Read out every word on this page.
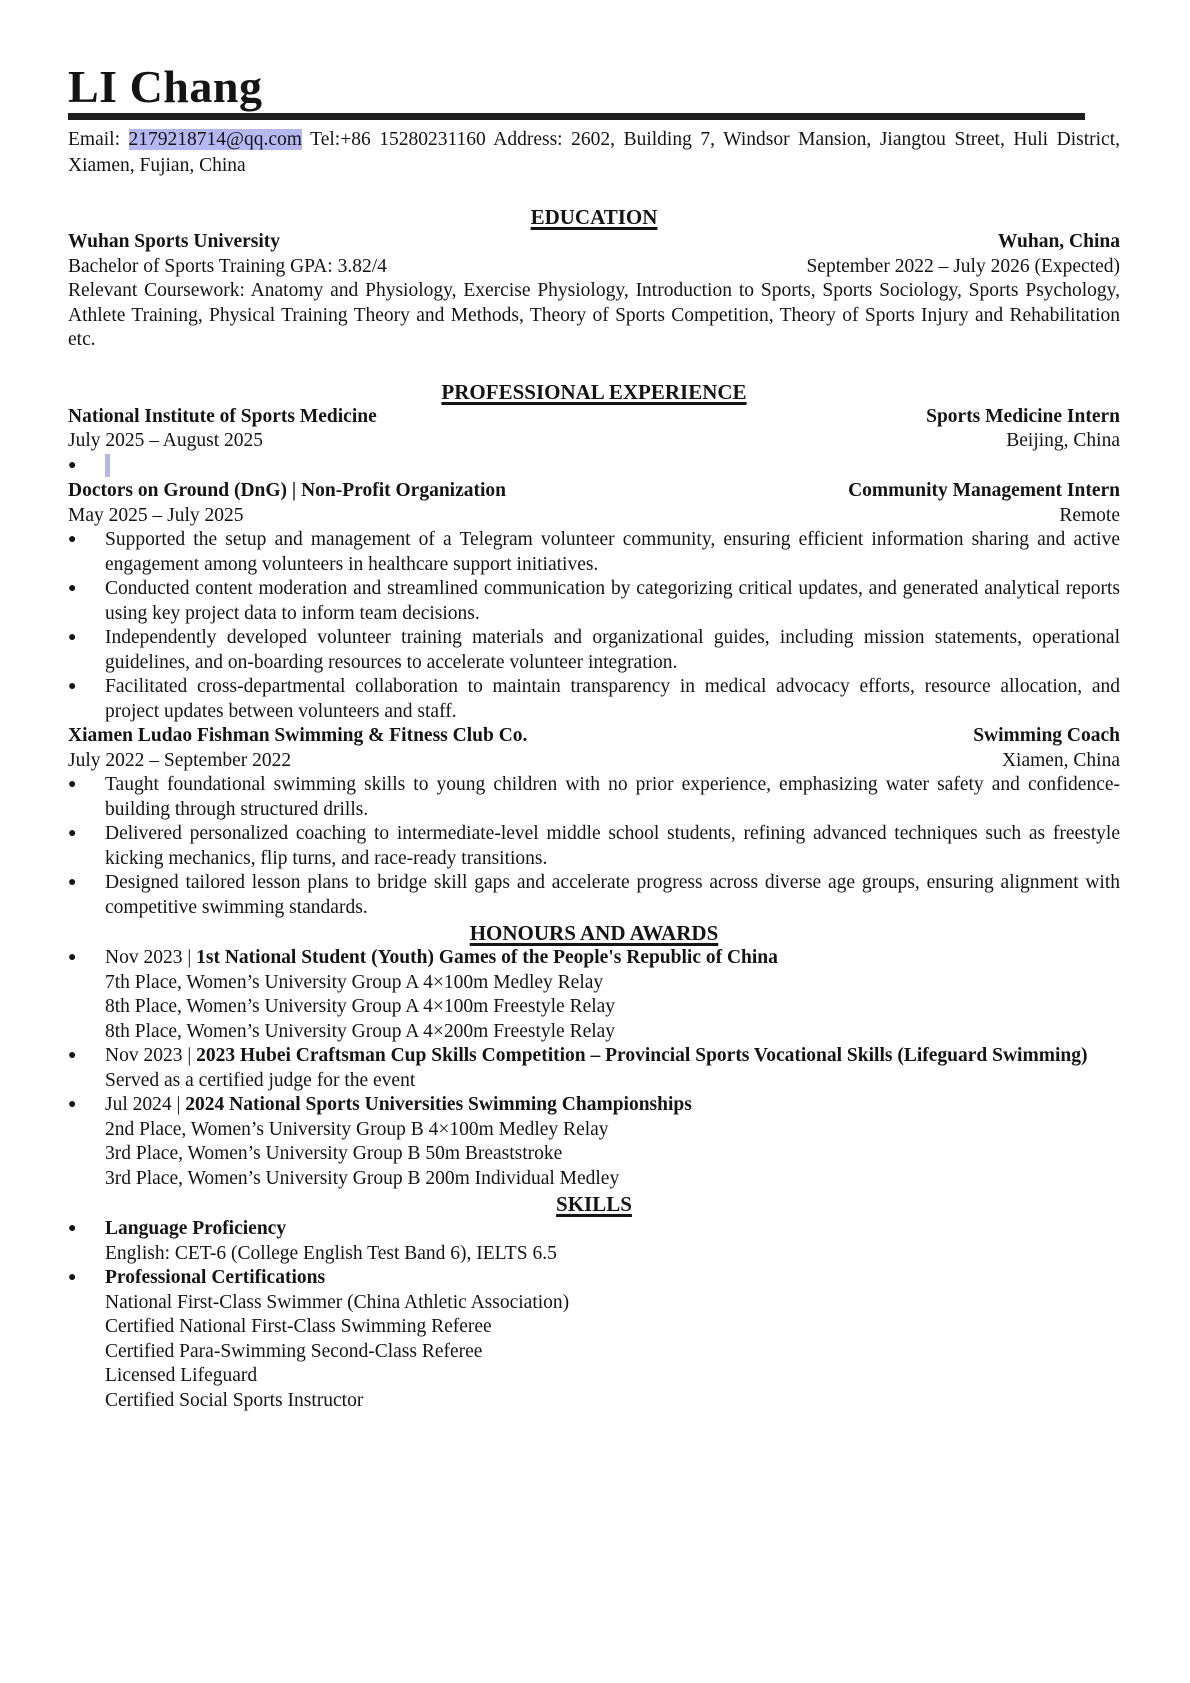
LI Chang

Email: 2179218714@qq.com Tel:+86 15280231160 Address: 2602, Building 7, Windsor Mansion, Jiangtou Street, Huli District, Xiamen, Fujian, China

EDUCATION
Wuhan Sports University	Wuhan, China
Bachelor of Sports Training GPA: 3.82/4	September 2022 – July 2026 (Expected)

Relevant Coursework: Anatomy and Physiology, Exercise Physiology, Introduction to Sports, Sports Sociology, Sports Psychology, Athlete Training, Physical Training Theory and Methods, Theory of Sports Competition, Theory of Sports Injury and Rehabilitation etc.

PROFESSIONAL EXPERIENCE
National Institute of Sports Medicine	Sports Medicine Intern
July 2025 – August 2025	Beijing, China
●
Doctors on Ground (DnG) | Non-Profit Organization	Community Management Intern
May 2025 – July 2025	Remote
●	Supported the setup and management of a Telegram volunteer community, ensuring efficient information sharing and active engagement among volunteers in healthcare support initiatives.
●	Conducted content moderation and streamlined communication by categorizing critical updates, and generated analytical reports using key project data to inform team decisions.
●	Independently developed volunteer training materials and organizational guides, including mission statements, operational guidelines, and on-boarding resources to accelerate volunteer integration.
●	Facilitated cross-departmental collaboration to maintain transparency in medical advocacy efforts, resource allocation, and project updates between volunteers and staff.
Xiamen Ludao Fishman Swimming & Fitness Club Co.	Swimming Coach
July 2022 – September 2022	Xiamen, China
●	Taught foundational swimming skills to young children with no prior experience, emphasizing water safety and confidence-building through structured drills.
●	Delivered personalized coaching to intermediate-level middle school students, refining advanced techniques such as freestyle kicking mechanics, flip turns, and race-ready transitions.
●	Designed tailored lesson plans to bridge skill gaps and accelerate progress across diverse age groups, ensuring alignment with competitive swimming standards.
HONOURS AND AWARDS
●	Nov 2023 | 1st National Student (Youth) Games of the People's Republic of China
7th Place, Women’s University Group A 4×100m Medley Relay
8th Place, Women’s University Group A 4×100m Freestyle Relay
8th Place, Women’s University Group A 4×200m Freestyle Relay
●	Nov 2023 | 2023 Hubei Craftsman Cup Skills Competition – Provincial Sports Vocational Skills (Lifeguard Swimming)
Served as a certified judge for the event
●	Jul 2024 | 2024 National Sports Universities Swimming Championships
2nd Place, Women’s University Group B 4×100m Medley Relay
3rd Place, Women’s University Group B 50m Breaststroke
3rd Place, Women’s University Group B 200m Individual Medley
SKILLS
●	Language Proficiency
English: CET-6 (College English Test Band 6), IELTS 6.5
●	Professional Certifications
National First-Class Swimmer (China Athletic Association)
Certified National First-Class Swimming Referee
Certified Para-Swimming Second-Class Referee
Licensed Lifeguard
Certified Social Sports Instructor
